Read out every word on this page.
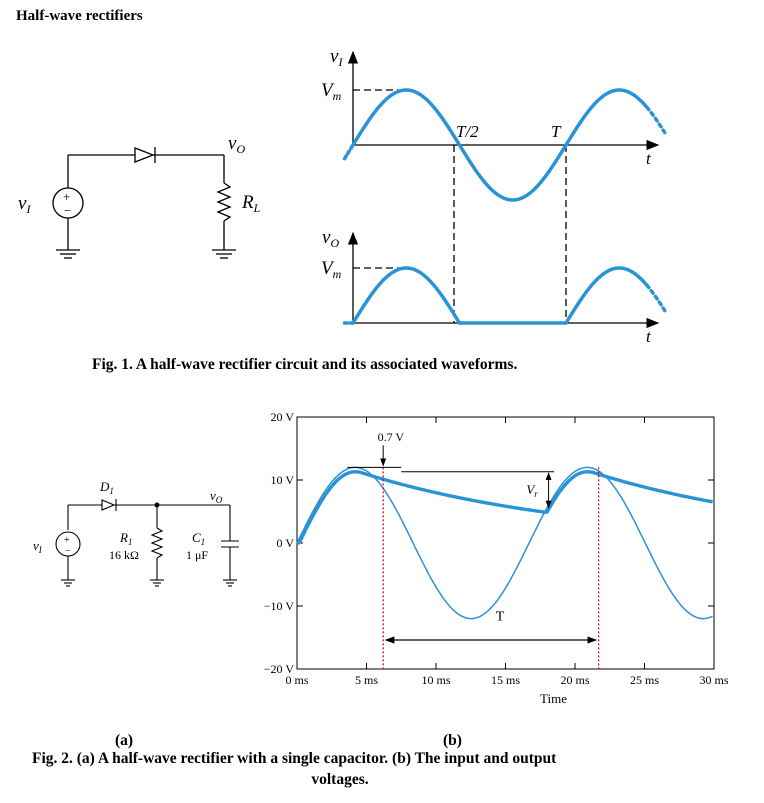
Half-wave rectifiers
+
−
$v_I$
$v_O$
$R_L$
$v_I$
$V_m$
T/2	T
t
$v_O$
$V_m$
t
Fig. 1. A half-wave rectifier circuit and its associated waveforms.
+
−
$v_I$
$D_1$
$R_1$
16 kΩ
$C_1$
1 μF
$v_O$
T
0.7 V
$V_r$
0 ms	5 ms	10 ms	15 ms	20 ms	25 ms	30 ms
20 V
10 V
0 V
−10 V
−20 V
Time
(a)	(b)
Fig. 2. (a) A half-wave rectifier with a single capacitor. (b) The input and output
voltages.
